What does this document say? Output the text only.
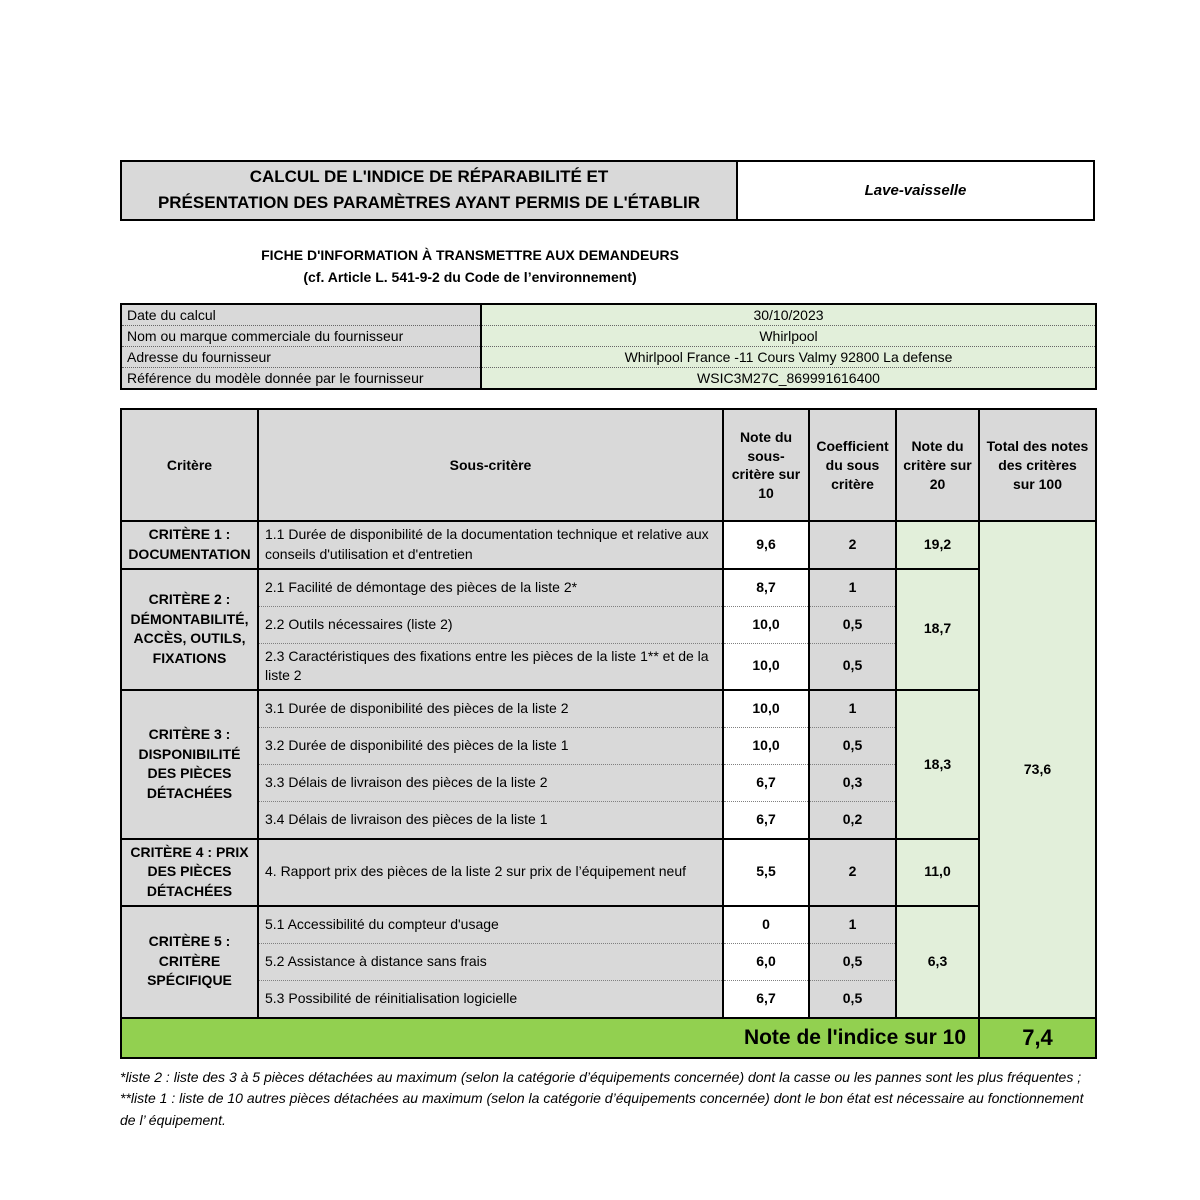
CALCUL DE L'INDICE DE RÉPARABILITÉ ET
PRÉSENTATION DES PARAMÈTRES AYANT PERMIS DE L'ÉTABLIR
	Lave-vaisselle
FICHE D'INFORMATION À TRANSMETTRE AUX DEMANDEURS
(cf. Article L. 541-9-2 du Code de l’environnement)
Date du calcul	30/10/2023
Nom ou marque commerciale du fournisseur	Whirlpool
Adresse du fournisseur	Whirlpool France -11 Cours Valmy 92800 La defense
Référence du modèle donnée par le fournisseur	WSIC3M27C_869991616400
Critère	Sous-critère	Note du sous-critère sur 10	Coefficient du sous critère	Note du critère sur 20	Total des notes des critères sur 100
CRITÈRE 1 : DOCUMENTATION	1.1 Durée de disponibilité de la documentation technique et relative aux conseils d'utilisation et d'entretien	9,6	2	19,2	73,6
CRITÈRE 2 : DÉMONTABILITÉ, ACCÈS, OUTILS, FIXATIONS	2.1 Facilité de démontage des pièces de la liste 2*	8,7	1	18,7	
	2.2 Outils nécessaires (liste 2)	10,0	0,5		
	2.3 Caractéristiques des fixations entre les pièces de la liste 1** et de la liste 2	10,0	0,5		
CRITÈRE 3 : DISPONIBILITÉ DES PIÈCES DÉTACHÉES	3.1 Durée de disponibilité des pièces de la liste 2	10,0	1	18,3	
	3.2 Durée de disponibilité des pièces de la liste 1	10,0	0,5		
	3.3 Délais de livraison des pièces de la liste 2	6,7	0,3		
	3.4 Délais de livraison des pièces de la liste 1	6,7	0,2		
CRITÈRE 4 : PRIX DES PIÈCES DÉTACHÉES	4. Rapport prix des pièces de la liste 2 sur prix de l’équipement neuf	5,5	2	11,0	
CRITÈRE 5 : CRITÈRE SPÉCIFIQUE	5.1 Accessibilité du compteur d'usage	0	1	6,3	
	5.2 Assistance à distance sans frais	6,0	0,5		
	5.3 Possibilité de réinitialisation logicielle	6,7	0,5		
Note de l'indice sur 10					7,4
*liste 2 : liste des 3 à 5 pièces détachées au maximum (selon la catégorie d’équipements concernée) dont la casse ou les pannes sont les plus fréquentes ;
**liste 1 : liste de 10 autres pièces détachées au maximum (selon la catégorie d’équipements concernée) dont le bon état est nécessaire au fonctionnement de l’ équipement.
